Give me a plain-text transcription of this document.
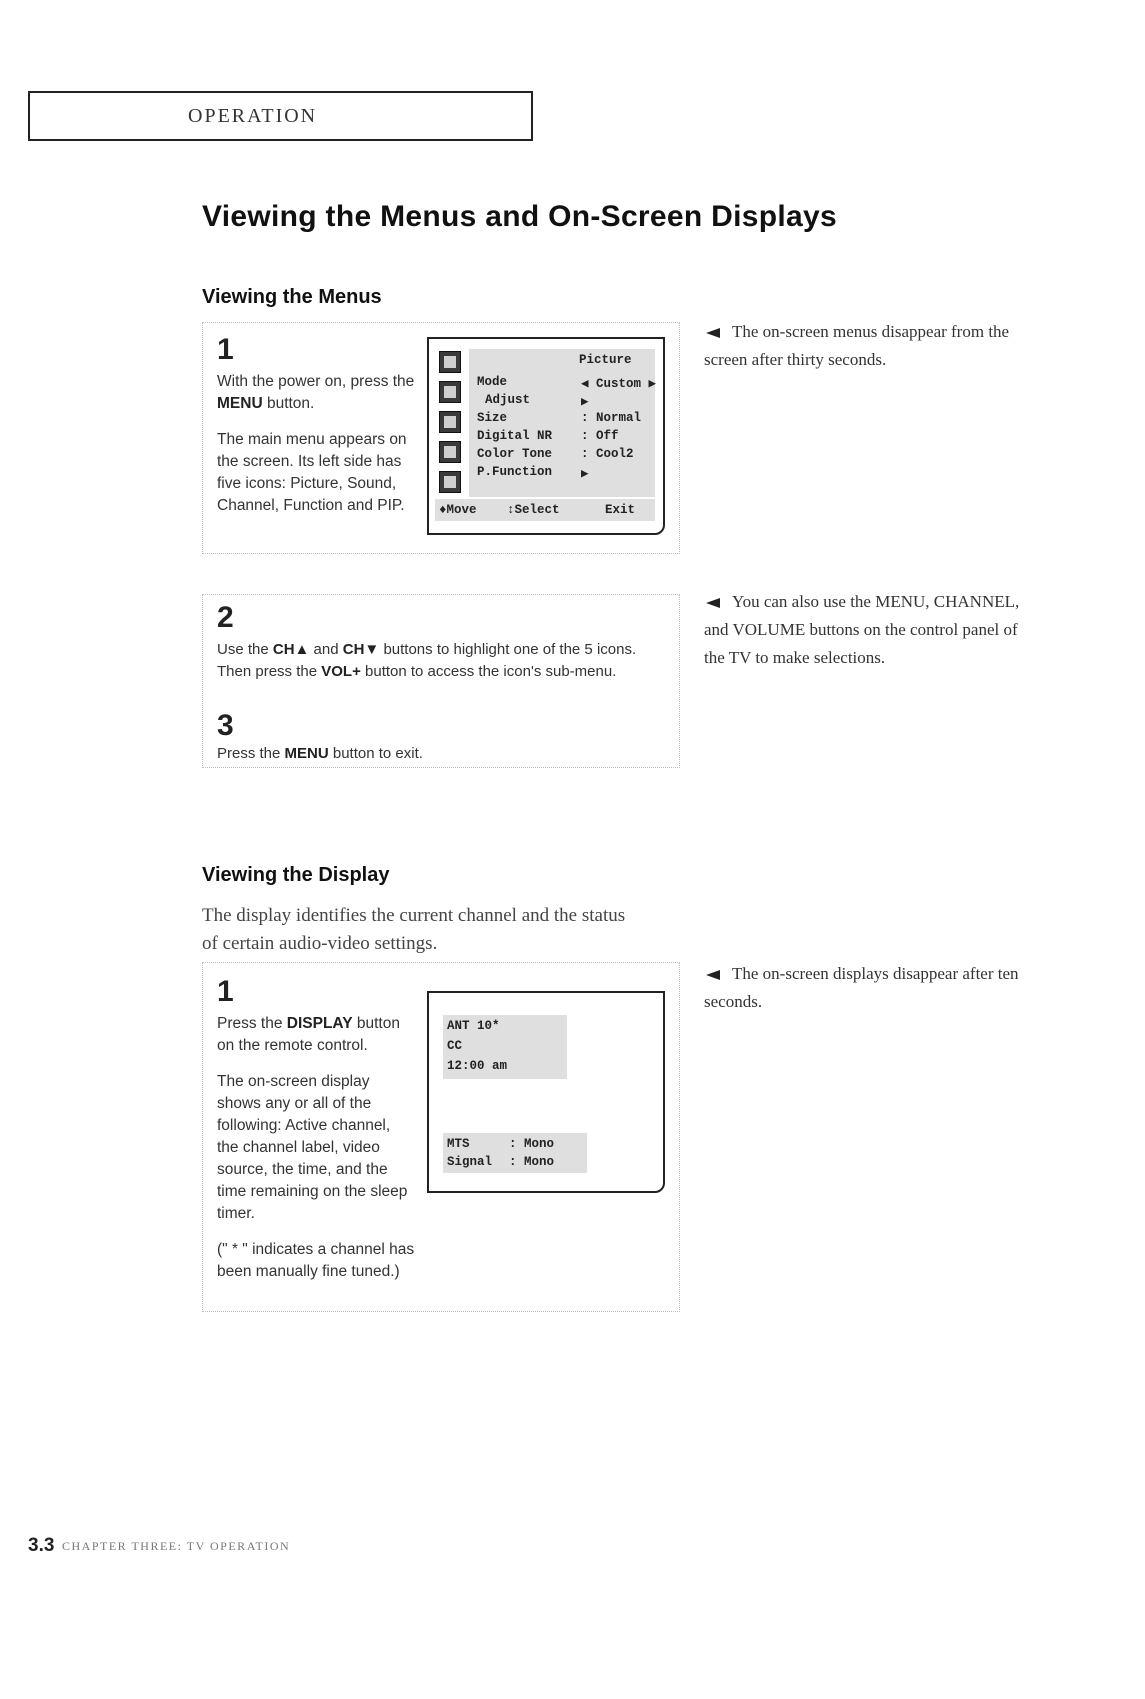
OPERATION
Viewing the Menus and On-Screen Displays
Viewing the Menus
1
With the power on, press the MENU button.
The main menu appears on the screen. Its left side has five icons: Picture, Sound, Channel, Function and PIP.
Picture
Mode	◀ Custom ▶
Adjust	▶
Size	: Normal
Digital NR : Off
Color Tone : Cool2
P.Function ▶
♦Move ↕Select	Exit
The on-screen menus disappear from the screen after thirty seconds.
2
Use the CH▲ and CH▼ buttons to highlight one of the 5 icons.
Then press the VOL+ button to access the icon's sub-menu.
3
Press the MENU button to exit.
You can also use the MENU, CHANNEL, and VOLUME buttons on the control panel of the TV to make selections.
Viewing the Display
The display identifies the current channel and the status
of certain audio-video settings.
1
Press the DISPLAY button on the remote control.
The on-screen display shows any or all of the following: Active channel, the channel label, video source, the time, and the time remaining on the sleep timer.
(" * " indicates a channel has been manually fine tuned.)
ANT 10*
CC
12:00 am
MTS	: Mono
Signal : Mono
The on-screen displays disappear after ten seconds.
3.3 CHAPTER THREE: TV OPERATION
